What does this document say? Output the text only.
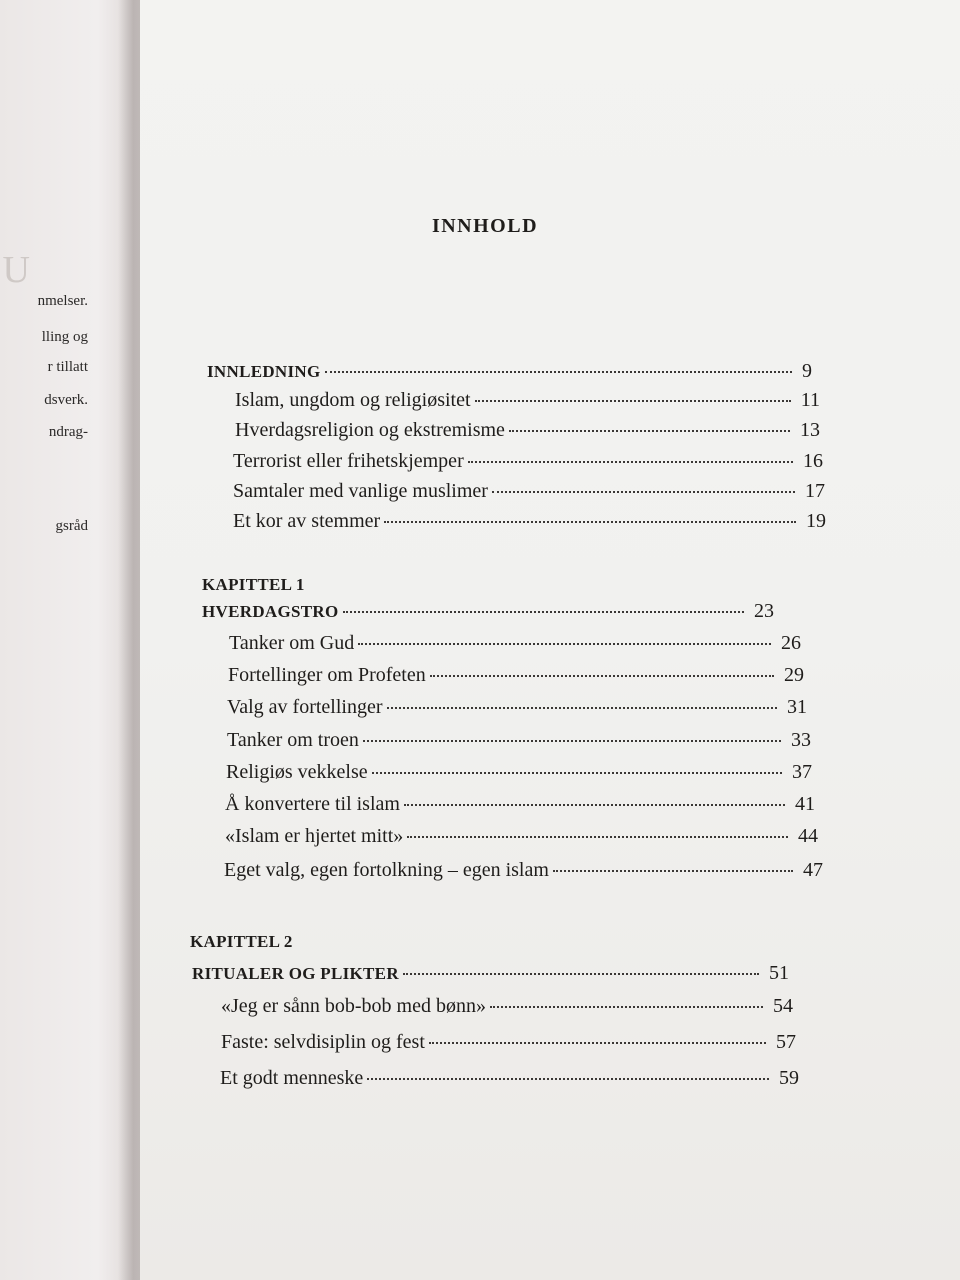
U
nmelser.
lling og
r tillatt
dsverk.
ndrag-
gsråd
INNHOLD
INNLEDNING	9
Islam, ungdom og religiøsitet	11
Hverdagsreligion og ekstremisme	13
Terrorist eller frihetskjemper	16
Samtaler med vanlige muslimer	17
Et kor av stemmer	19
KAPITTEL 1
HVERDAGSTRO	23
Tanker om Gud	26
Fortellinger om Profeten	29
Valg av fortellinger	31
Tanker om troen	33
Religiøs vekkelse	37
Å konvertere til islam	41
«Islam er hjertet mitt»	44
Eget valg, egen fortolkning – egen islam	47
KAPITTEL 2
RITUALER OG PLIKTER	51
«Jeg er sånn bob-bob med bønn»	54
Faste: selvdisiplin og fest	57
Et godt menneske	59
